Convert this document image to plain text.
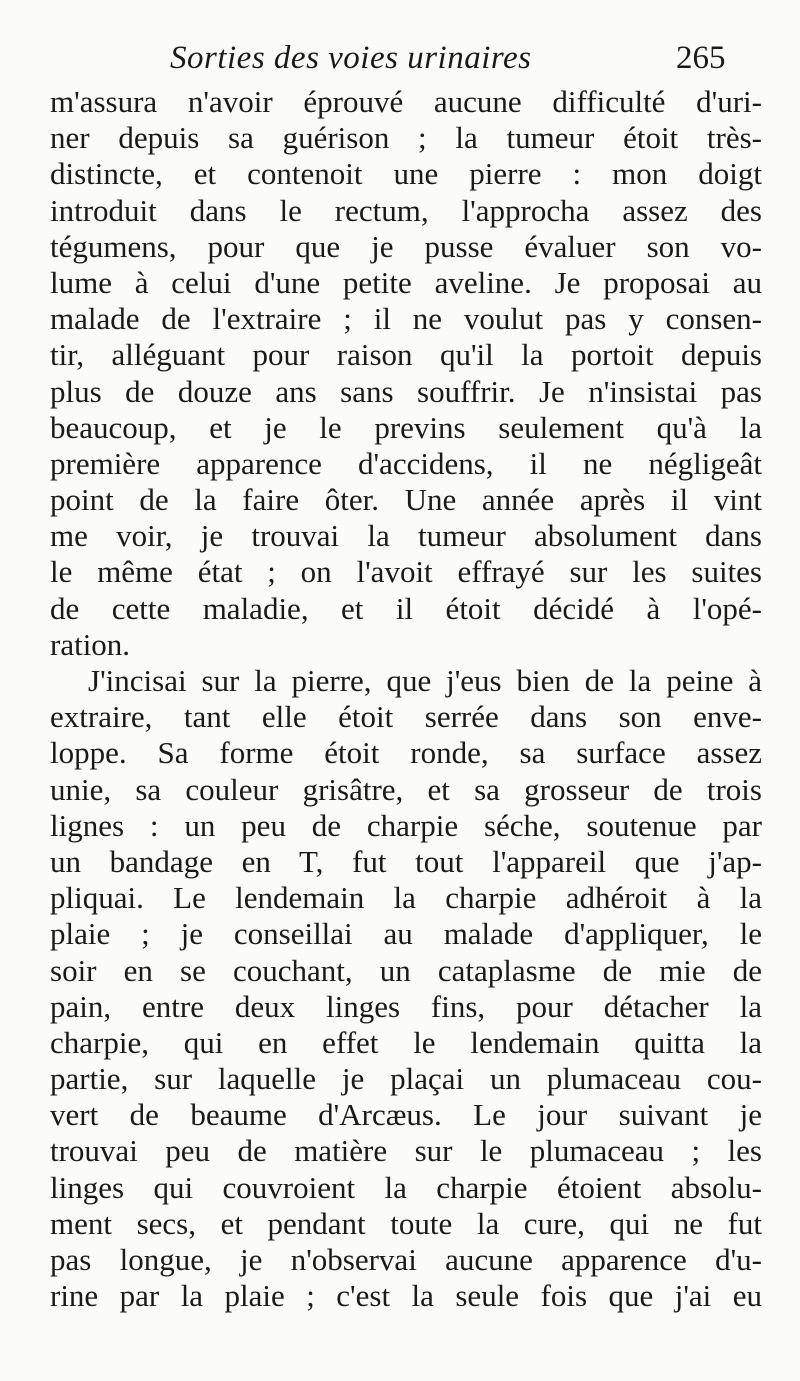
Sorties des voies urinaires	265
m'assura n'avoir éprouvé aucune difficulté d'uri-
ner depuis sa guérison ; la tumeur étoit très-
distincte, et contenoit une pierre : mon doigt
introduit dans le rectum, l'approcha assez des
tégumens, pour que je pusse évaluer son vo-
lume à celui d'une petite aveline. Je proposai au
malade de l'extraire ; il ne voulut pas y consen-
tir, alléguant pour raison qu'il la portoit depuis
plus de douze ans sans souffrir. Je n'insistai pas
beaucoup, et je le previns seulement qu'à la
première apparence d'accidens, il ne négligeât
point de la faire ôter. Une année après il vint
me voir, je trouvai la tumeur absolument dans
le même état ; on l'avoit effrayé sur les suites
de cette maladie, et il étoit décidé à l'opé-
ration.
J'incisai sur la pierre, que j'eus bien de la peine à
extraire, tant elle étoit serrée dans son enve-
loppe. Sa forme étoit ronde, sa surface assez
unie, sa couleur grisâtre, et sa grosseur de trois
lignes : un peu de charpie séche, soutenue par
un bandage en T, fut tout l'appareil que j'ap-
pliquai. Le lendemain la charpie adhéroit à la
plaie ; je conseillai au malade d'appliquer, le
soir en se couchant, un cataplasme de mie de
pain, entre deux linges fins, pour détacher la
charpie, qui en effet le lendemain quitta la
partie, sur laquelle je plaçai un plumaceau cou-
vert de beaume d'Arcæus. Le jour suivant je
trouvai peu de matière sur le plumaceau ; les
linges qui couvroient la charpie étoient absolu-
ment secs, et pendant toute la cure, qui ne fut
pas longue, je n'observai aucune apparence d'u-
rine par la plaie ; c'est la seule fois que j'ai eu
